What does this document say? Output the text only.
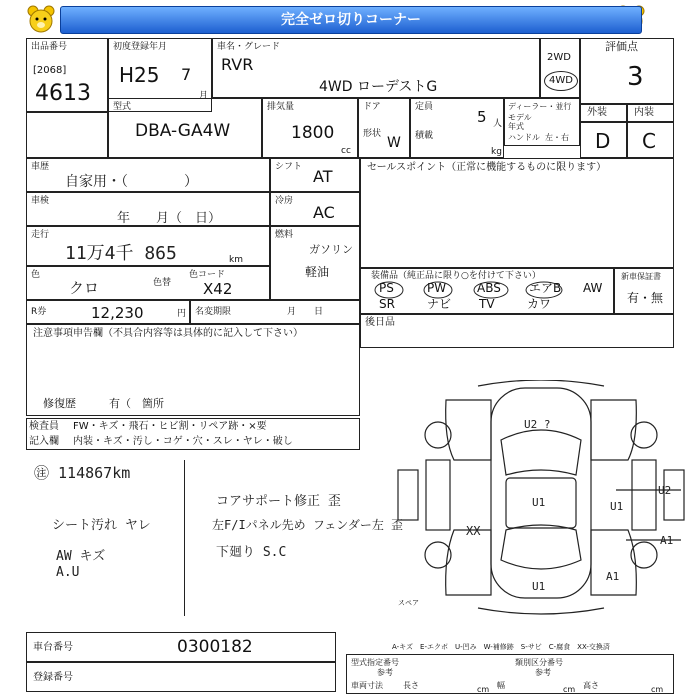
完全ゼロ切りコーナー
出品番号
[2068]
4613
初度登録年月
H25 7
月
車名・グレード
RVR
4WD ローデストG
2WD
4WD
評価点
3
型式
DBA-GA4W
排気量
1800
cc
ドア
形状
W
定員
5 人
積載
kg
ディーラー・並行
モデル
年式
ハンドル 左・右
外装	内装
D C
車歴
自家用・（　　　　）
シフト AT
車検
年　　月（　日）
冷房
AC
走行
11万4千 865	km
燃料
ガソリン
軽油
色
クロ	色替
色コード
X42
セールスポイント（正常に機能するものに限ります）
装備品（純正品に限り○を付けて下さい）
PS	PW	ABS エアB AW
SR	ナビ TV	カワ
新車保証書
有・無
後日品
R券	12,230	円 名変期限	月　　日
注意事項申告欄（不具合内容等は具体的に記入して下さい）
修復歴	有（　箇所
検査員
記入欄
FW・キズ・飛石・ヒビ割・リペア跡・×要
内装・キズ・汚し・コゲ・穴・スレ・ヤレ・破し
㊟ 114867km
シート汚れ ヤレ
AW キズ
A.U
コアサポート修正 歪
左F/Iパネル先め フェンダー左 歪
下廻り S.C
U2 ?
U1
XX
U1
U1
U2
A1
A1
スペア
車台番号	0300182
登録番号
A-キズ　E-エクボ　U-凹み　W-補修跡　S-サビ　C-腐食　XX-交換済
型式指定番号
参考
類別区分番号
参考
車両寸法	長さ	cm 幅	cm 高さ	cm
